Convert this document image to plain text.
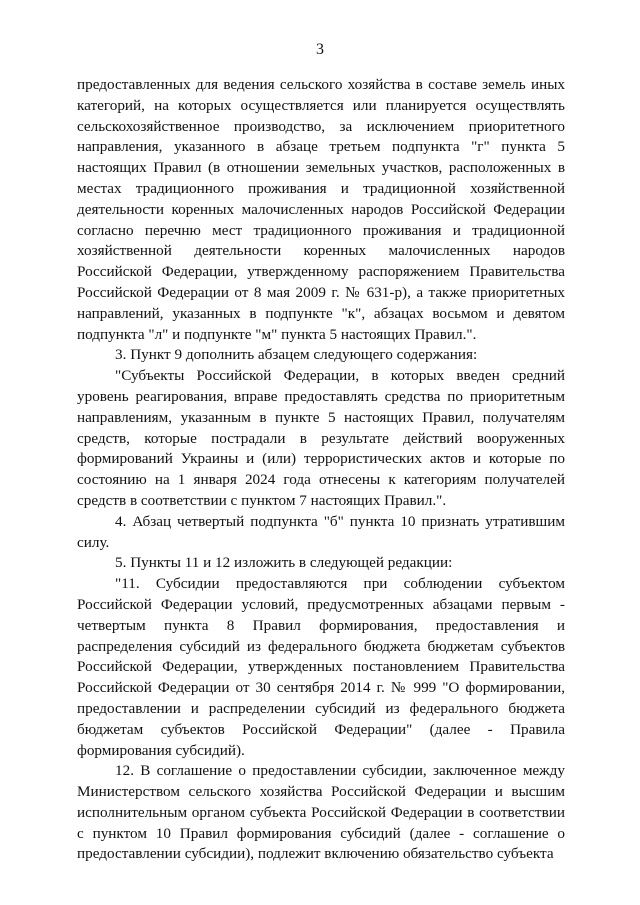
3

предоставленных для ведения сельского хозяйства в составе земель иных категорий, на которых осуществляется или планируется осуществлять сельскохозяйственное производство, за исключением приоритетного направления, указанного в абзаце третьем подпункта "г" пункта 5 настоящих Правил (в отношении земельных участков, расположенных в местах традиционного проживания и традиционной хозяйственной деятельности коренных малочисленных народов Российской Федерации согласно перечню мест традиционного проживания и традиционной хозяйственной деятельности коренных малочисленных народов Российской Федерации, утвержденному распоряжением Правительства Российской Федерации от 8 мая 2009 г. № 631-р), а также приоритетных направлений, указанных в подпункте "к", абзацах восьмом и девятом подпункта "л" и подпункте "м" пункта 5 настоящих Правил.".

3. Пункт 9 дополнить абзацем следующего содержания:

"Субъекты Российской Федерации, в которых введен средний уровень реагирования, вправе предоставлять средства по приоритетным направлениям, указанным в пункте 5 настоящих Правил, получателям средств, которые пострадали в результате действий вооруженных формирований Украины и (или) террористических актов и которые по состоянию на 1 января 2024 года отнесены к категориям получателей средств в соответствии с пунктом 7 настоящих Правил.".

4. Абзац четвертый подпункта "б" пункта 10 признать утратившим силу.

5. Пункты 11 и 12 изложить в следующей редакции:

"11. Субсидии предоставляются при соблюдении субъектом Российской Федерации условий, предусмотренных абзацами первым - четвертым пункта 8 Правил формирования, предоставления и распределения субсидий из федерального бюджета бюджетам субъектов Российской Федерации, утвержденных постановлением Правительства Российской Федерации от 30 сентября 2014 г. № 999 "О формировании, предоставлении и распределении субсидий из федерального бюджета бюджетам субъектов Российской Федерации" (далее - Правила формирования субсидий).

12. В соглашение о предоставлении субсидии, заключенное между Министерством сельского хозяйства Российской Федерации и высшим исполнительным органом субъекта Российской Федерации в соответствии с пунктом 10 Правил формирования субсидий (далее - соглашение о предоставлении субсидии), подлежит включению обязательство субъекта
